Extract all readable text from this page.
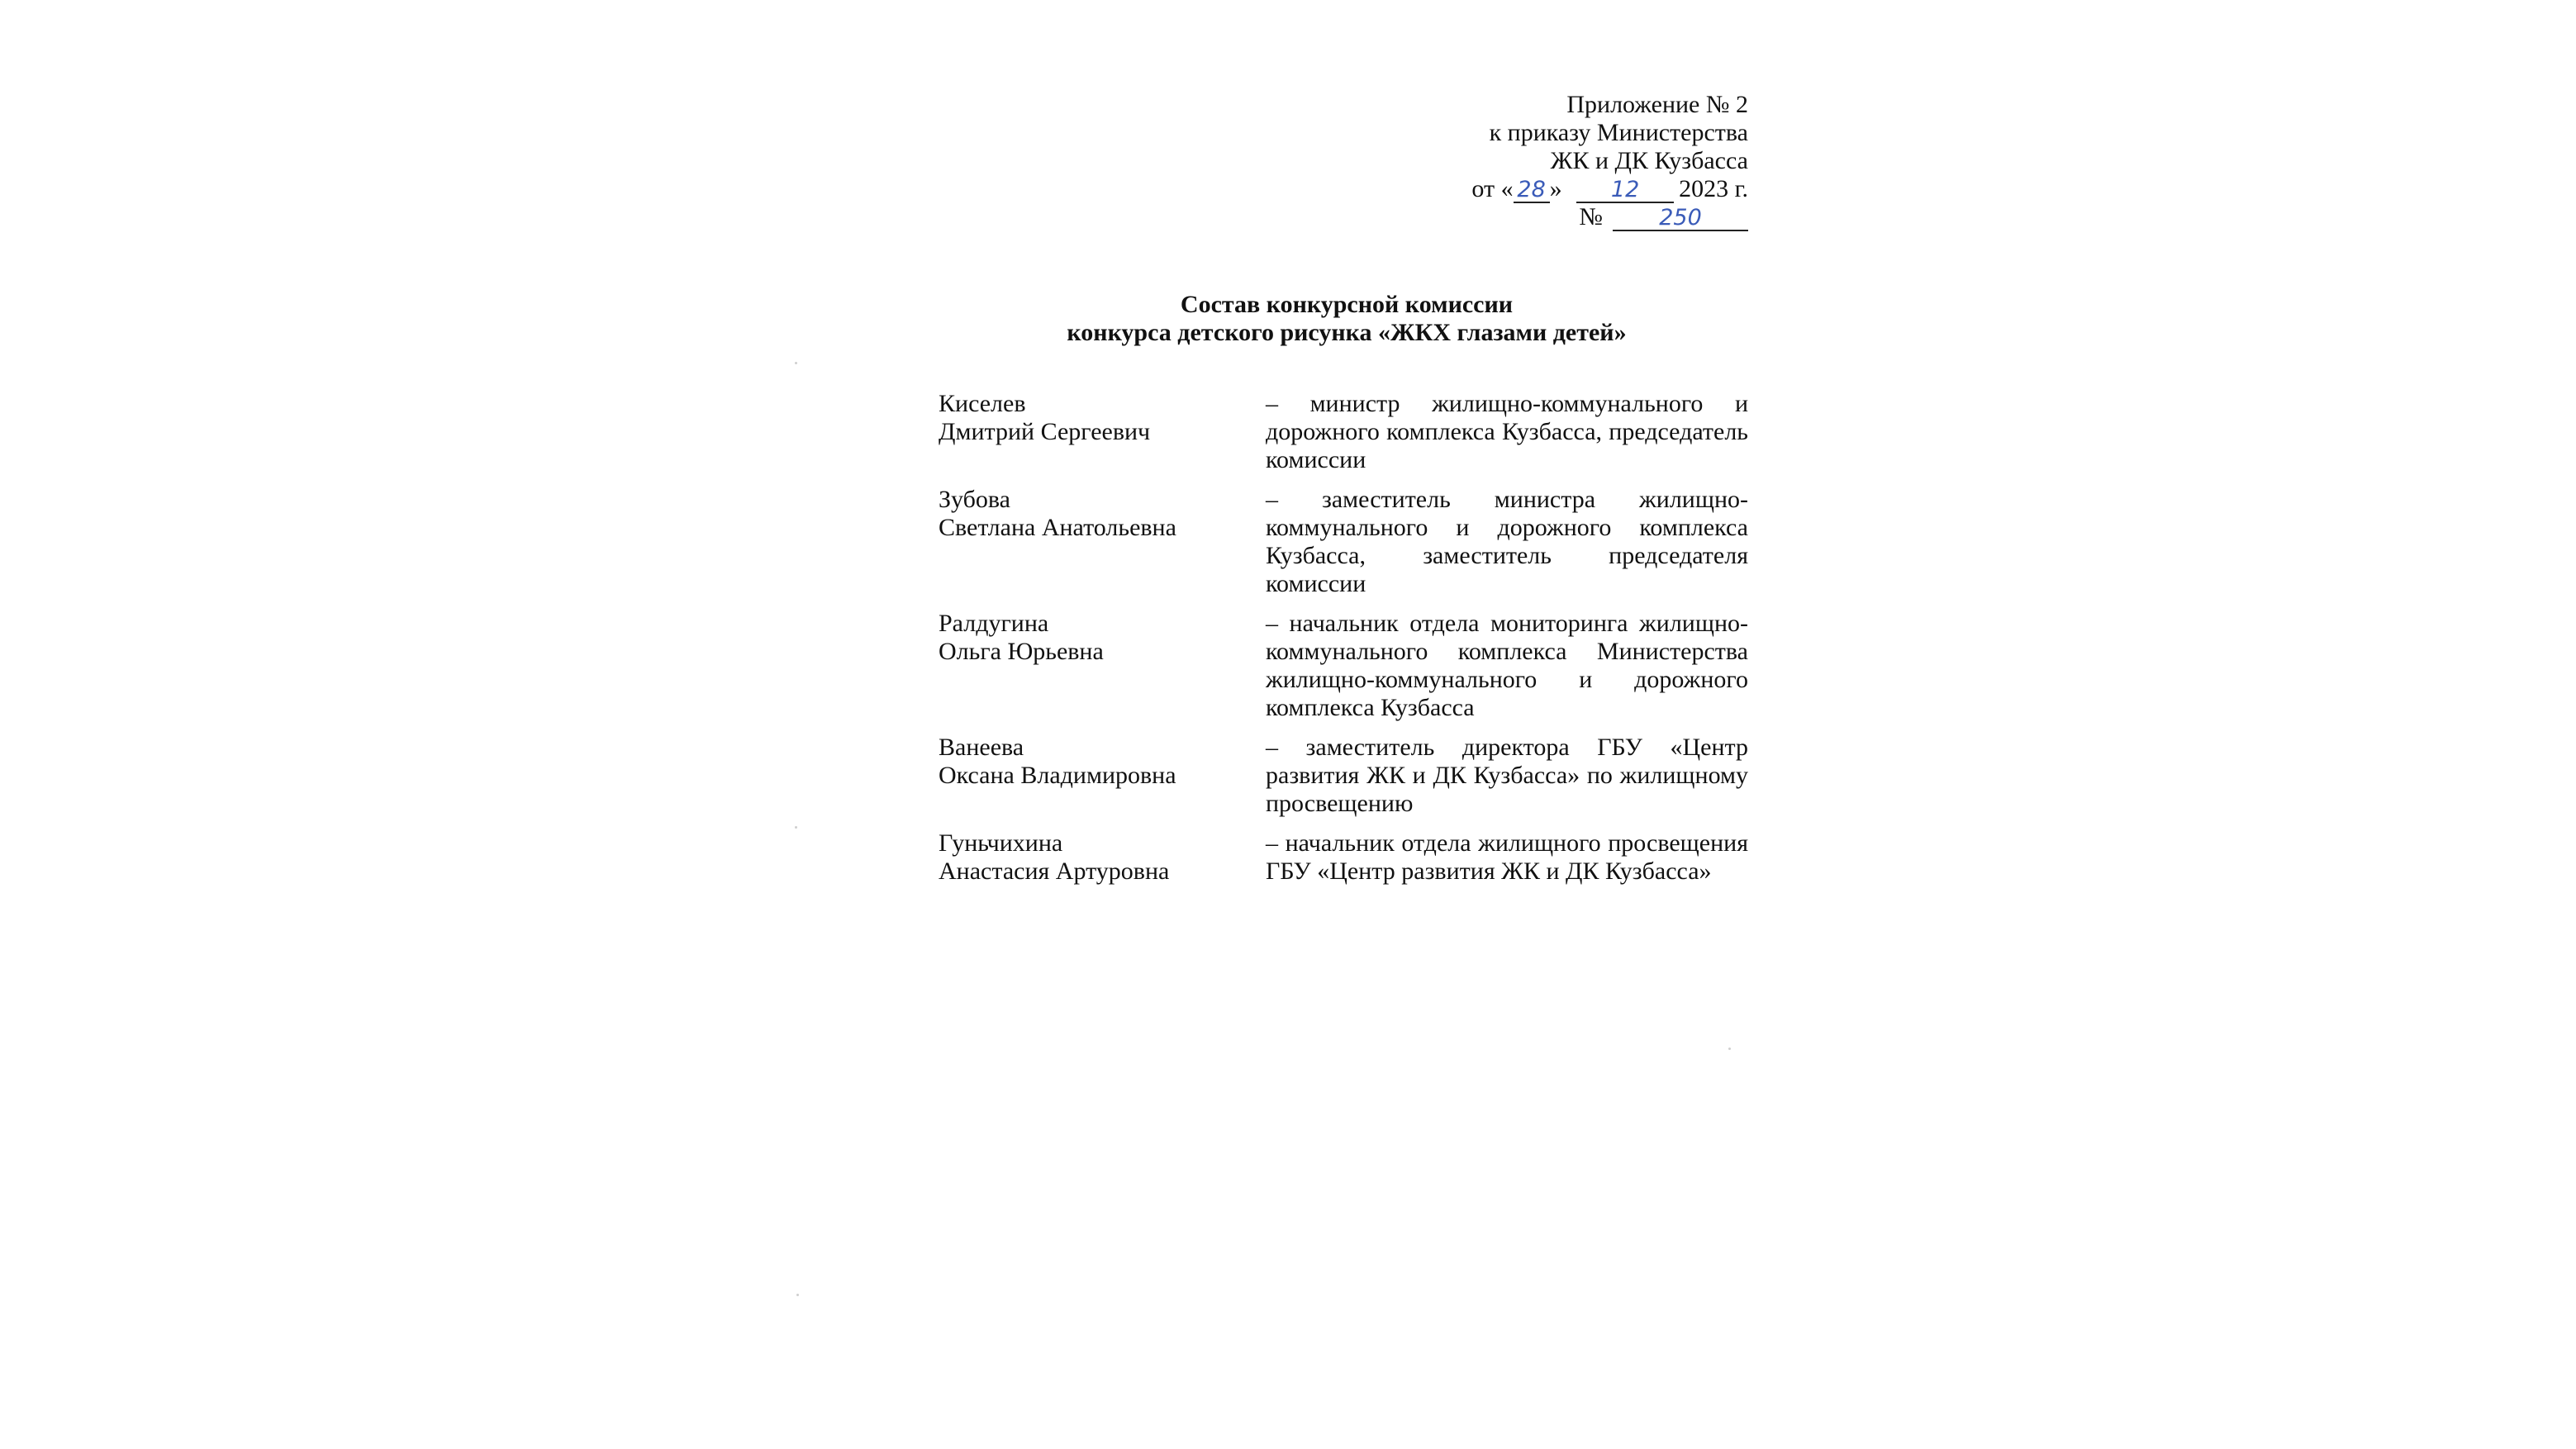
Приложение № 2
к приказу Министерства
ЖК и ДК Кузбасса
от « 28 » 12 2023 г.
№	250
Состав конкурсной комиссии
конкурса детского рисунка «ЖКХ глазами детей»
Киселев
Дмитрий Сергеевич
– министр жилищно-коммунального и дорожного комплекса Кузбасса, председатель комиссии
Зубова
Светлана Анатольевна
– заместитель министра жилищно-коммунального и дорожного комплекса Кузбасса, заместитель председателя комиссии
Ралдугина
Ольга Юрьевна
– начальник отдела мониторинга жилищно-коммунального комплекса Министерства жилищно-коммунального и дорожного комплекса Кузбасса
Ванеева
Оксана Владимировна
– заместитель директора ГБУ «Центр развития ЖК и ДК Кузбасса» по жилищному просвещению
Гуньчихина
Анастасия Артуровна
– начальник отдела жилищного просвещения ГБУ «Центр развития ЖК и ДК Кузбасса»
